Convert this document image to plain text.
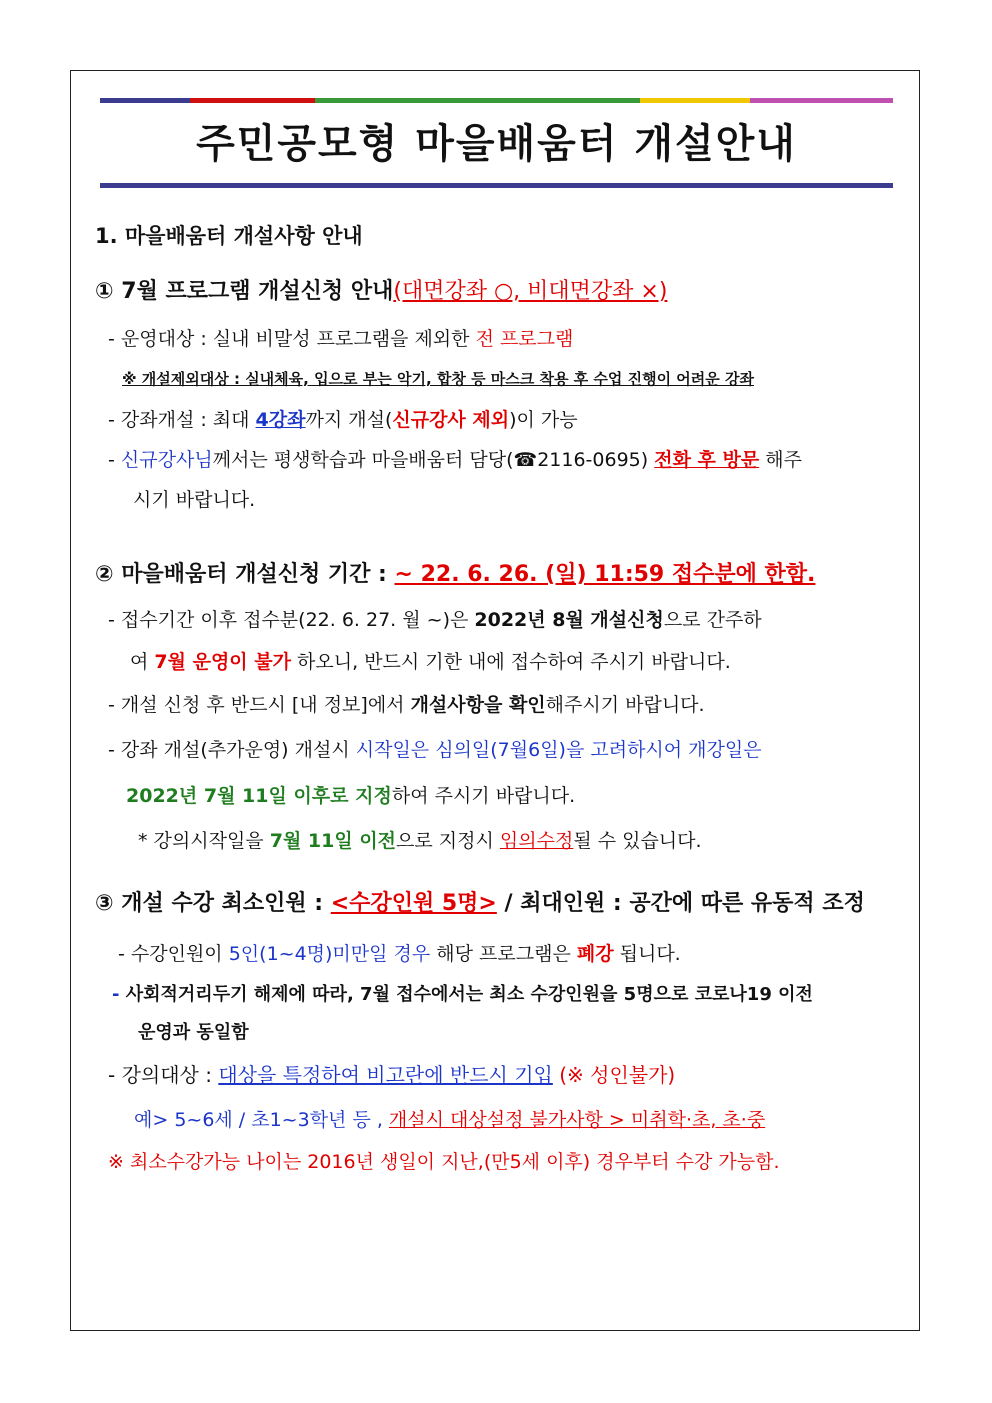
주민공모형 마을배움터 개설안내
1. 마을배움터 개설사항 안내
① 7월 프로그램 개설신청 안내(대면강좌 ○, 비대면강좌 ×)
- 운영대상 : 실내 비말성 프로그램을 제외한 전 프로그램
※ 개설제외대상 : 실내체육, 입으로 부는 악기, 합창 등 마스크 착용 후 수업 진행이 어려운 강좌
- 강좌개설 : 최대 4강좌까지 개설(신규강사 제외)이 가능
- 신규강사님께서는 평생학습과 마을배움터 담당(☎2116-0695) 전화 후 방문 해주
시기 바랍니다.
② 마을배움터 개설신청 기간 : ~ 22. 6. 26. (일) 11:59 접수분에 한함.
- 접수기간 이후 접수분(22. 6. 27. 월 ~)은 2022년 8월 개설신청으로 간주하
여 7월 운영이 불가 하오니, 반드시 기한 내에 접수하여 주시기 바랍니다.
- 개설 신청 후 반드시 [내 정보]에서 개설사항을 확인해주시기 바랍니다.
- 강좌 개설(추가운영) 개설시 시작일은 심의일(7월6일)을 고려하시어 개강일은
2022년 7월 11일 이후로 지정하여 주시기 바랍니다.
* 강의시작일을 7월 11일 이전으로 지정시 임의수정될 수 있습니다.
③ 개설 수강 최소인원 : <수강인원 5명> / 최대인원 : 공간에 따른 유동적 조정
- 수강인원이 5인(1~4명)미만일 경우 해당 프로그램은 폐강 됩니다.
- 사회적거리두기 해제에 따라, 7월 접수에서는 최소 수강인원을 5명으로 코로나19 이전
운영과 동일함
- 강의대상 : 대상을 특정하여 비고란에 반드시 기입 (※ 성인불가)
예> 5~6세 / 초1~3학년 등 , 개설시 대상설정 불가사항 > 미취학·초, 초·중
※ 최소수강가능 나이는 2016년 생일이 지난,(만5세 이후) 경우부터 수강 가능함.
